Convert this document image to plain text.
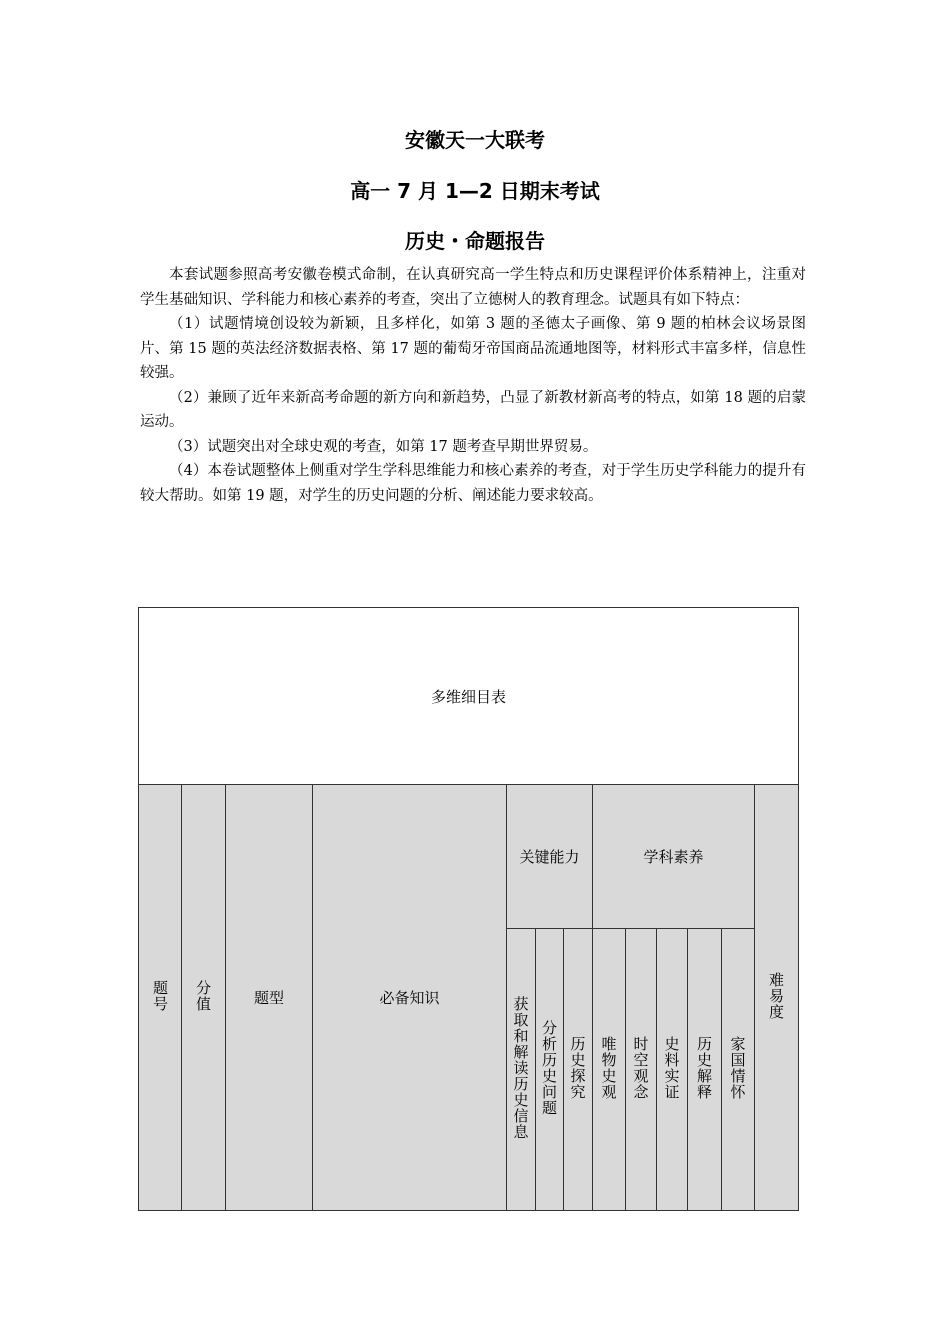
安徽天一大联考
高一 7 月 1—2 日期末考试
历史・命题报告

本套试题参照高考安徽卷模式命制，在认真研究高一学生特点和历史课程评价体系精神上，注重对学生基础知识、学科能力和核心素养的考查，突出了立德树人的教育理念。试题具有如下特点：

（1）试题情境创设较为新颖，且多样化，如第 3 题的圣德太子画像、第 9 题的柏林会议场景图片、第 15 题的英法经济数据表格、第 17 题的葡萄牙帝国商品流通地图等，材料形式丰富多样，信息性较强。

（2）兼顾了近年来新高考命题的新方向和新趋势，凸显了新教材新高考的特点，如第 18 题的启蒙运动。

（3）试题突出对全球史观的考查，如第 17 题考查早期世界贸易。

（4）本卷试题整体上侧重对学生学科思维能力和核心素养的考查，对于学生历史学科能力的提升有较大帮助。如第 19 题，对学生的历史问题的分析、阐述能力要求较高。

多维细目表												

题号	分值	题型	必备知识	关键能力			学科素养					难易度
				获取和解读历史信息	分析历史问题	历史探究	唯物史观	时空观念	史料实证	历史解释	家国情怀	
